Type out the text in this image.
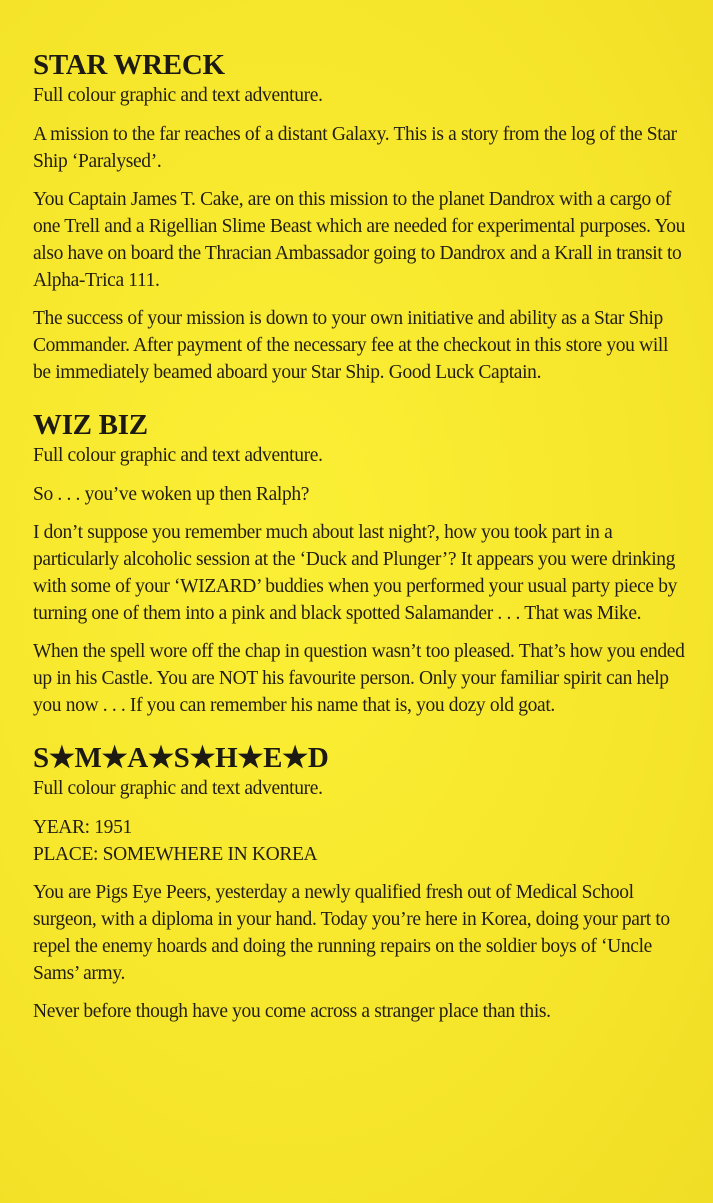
STAR WRECK

Full colour graphic and text adventure.

A mission to the far reaches of a distant Galaxy. This is a story from the log of the Star Ship ‘Paralysed’.

You Captain James T. Cake, are on this mission to the planet Dandrox with a cargo of one Trell and a Rigellian Slime Beast which are needed for experimental purposes. You also have on board the Thracian Ambassador going to Dandrox and a Krall in transit to Alpha-Trica 111.

The success of your mission is down to your own initiative and ability as a Star Ship Commander. After payment of the necessary fee at the checkout in this store you will be immediately beamed aboard your Star Ship. Good Luck Captain.

WIZ BIZ

Full colour graphic and text adventure.

So . . . you’ve woken up then Ralph?

I don’t suppose you remember much about last night?, how you took part in a particularly alcoholic session at the ‘Duck and Plunger’? It appears you were drinking with some of your ‘WIZARD’ buddies when you performed your usual party piece by turning one of them into a pink and black spotted Salamander . . . That was Mike.

When the spell wore off the chap in question wasn’t too pleased. That’s how you ended up in his Castle. You are NOT his favourite person. Only your familiar spirit can help you now . . . If you can remember his name that is, you dozy old goat.

S★M★A★S★H★E★D

Full colour graphic and text adventure.

YEAR: 1951

PLACE: SOMEWHERE IN KOREA

You are Pigs Eye Peers, yesterday a newly qualified fresh out of Medical School surgeon, with a diploma in your hand. Today you’re here in Korea, doing your part to repel the enemy hoards and doing the running repairs on the soldier boys of ‘Uncle Sams’ army.

Never before though have you come across a stranger place than this.
